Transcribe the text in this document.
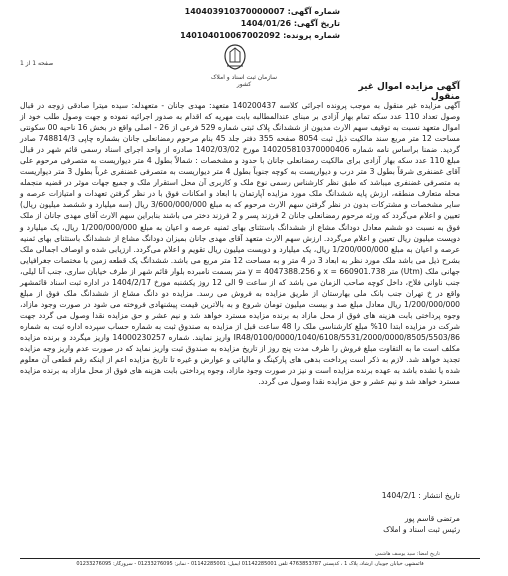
شماره آگهی: 140403910370000007
تاریخ آگهی: 1404/01/26
شماره پرونده: 140104010067002092
سازمان ثبت اسناد و املاک کشور
صفحه 1 از 1
آگهی مزایده اموال غیر منقول

آگهی مزایده غیر منقول به موجب پرونده اجرائی کلاسه 140200437 متعهد: مهدی جانان - متعهدله: سیده میترا صادقی زوجه در قبال وصول تعداد 110 عدد سکه تمام بهار آزادی بر مبنای عندالمطالبه بابت مهریه که اقدام به صدور اجرائیه نموده و جهت وصول طلب خود از اموال متعهد نسبت به توقیف سهم الارث مدیون از ششدانگ پلاک ثبتی شماره 529 فرعی از 26 - اصلی واقع در بخش 16 ناحیه 00 سکونتی مساحت 12 متر مربع سند مالکیت ذیل ثبت 8054 صفحه 355 دفتر جلد 45 بنام مرحوم رمضانعلی جانان بشماره چاپی 748814/3 صادر گردید. ضمنا براساس نامه شماره 140205810370000406 مورخ 1402/03/02 صادره از واحد اجرای اسناد رسمی قائم شهر در قبال مبلغ 110 عدد سکه بهار آزادی برای مالکیت رمضانعلی جانان با حدود و مشخصات : شمالاً بطول 4 متر دیواریست به متصرفی مرحوم علی آقای غضنفری شرقاً بطول 3 متر درب و دیواریست به کوچه جنوباً بطول 4 متر دیواریست به متصرفی غضنفری غرباً بطول 3 متر دیواریست به متصرفی غضنفری میباشد که طبق نظر کارشناس رسمی نوع ملک و کاربری آن محل استقرار ملک و جمیع جهات موثر در قضیه منجمله محله متعارف منطقه، ارزش پایه ششدانگ ملک مورد مزایده آپارتمان با ابعاد و امکانات فوق با در نظر گرفتن تعهدات و امتیازات عرصه و سایر مشخصات و مشترکات بدون در نظر گرفتن سهم الارث مرحوم که به مبلغ 3/600/000/000 ریال (سه میلیارد و ششصد میلیون ریال) تعیین و اعلام می‌گردد که ورثه مرحوم رمضانعلی جانان 2 فرزند پسر و 2 فرزند دختر می باشند بنابراین سهم الارث آقای مهدی جانان از ملک فوق به نسبت دو ششم معادل دودانگ مشاع از ششدانگ باستثنای بهای ثمنیه عرصه و اعیان به مبلغ 1/200/000/000 ریال، یک میلیارد و دویست میلیون ریال تعیین و اعلام می‌گردد. ارزش سهم الارث متعهد آقای مهدی جانان بمیزان دودانگ مشاع از ششدانگ باستثنای بهای ثمنیه عرصه و اعیان به مبلغ 1/200/000/000 ریال، یک میلیارد و دویست میلیون ریال تقویم و اعلام می‌گردد. ارزیابی شده و اوصاف اجمالی ملک بشرح ذیل می باشد ملک مورد نظر به ابعاد 3 در 4 متر و به مساحت 12 متر مربع می باشد. ششدانگ یک قطعه زمین با مختصات جغرافیایی جهانی ملک (Utm) متر 660901.738 = x و 4047388.256 = y متر بسمت نامبرده بلوار قائم شهر از طرف خیابان ساری، جنب آنا لیلی، جنب ناوانی فلاح، داخل کوچه صاحب الزمان می باشد که از ساعت 9 الی 12 روز یکشنبه مورخ 1404/2/17 در اداره ثبت اسناد قائمشهر واقع در خ تهران جنب بانک ملی بهارستان از طریق مزایده به فروش می رسد. مزایده دو دانگ مشاع از ششدانگ ملک فوق از مبلغ 1/200/000/000 ریال معادل مبلغ صد و بیست میلیون تومان شروع و به بالاترین قیمت پیشنهادی فروخته می شود در صورت وجود مازاد، وجوه پرداختی بابت هزینه های فوق از محل مازاد به برنده مزایده مسترد خواهد شد و نیم عشر و حق مزایده نقدا وصول می گردد جهت شرکت در مزایده ابتدا 10% مبلغ کارشناسی ملک را 48 ساعت قبل از مزایده به صندوق ثبت به شماره حساب سپرده اداره ثبت به شماره IR48/0100/0000/1040/6108/5531/2000/0000/8505/5503/86 واریز نمایند. شماره 14000230257 واریز میگردد و برنده مزایده مکلف است ما به التفاوت مبلغ فروش را ظرف مدت پنج روز از تاریخ مزایده به صندوق ثبت واریز نماید که در صورت عدم واریز وجه مزایده تجدید خواهد شد. لازم به ذکر است پرداخت بدهی های پارکینگ و مالیاتی و عوارض و غیره تا تاریخ مزایده اعم از اینکه رقم قطعی آن معلوم شده یا نشده باشد به عهده برنده مزایده است و نیز در صورت وجود مازاد، وجوه پرداختی بابت هزینه های فوق از محل مازاد به برنده مزایده مسترد خواهد شد و نیم عشر و حق مزایده نقدا وصول می گردد.

تاریخ انتشار : 1404/2/1
مرتضی قاسم پور
رئیس ثبت اسناد و املاک
تاریخ امضا: سید یوسف هاشمی
قائمشهر، خیابان جویبار، ارشاد، پلاک 1 ، کدپستی 4763853787 تلفن 01142285001 ایمیل: 01142285001 - نمابر: 01233276095 - سرورگار: 01233276095
